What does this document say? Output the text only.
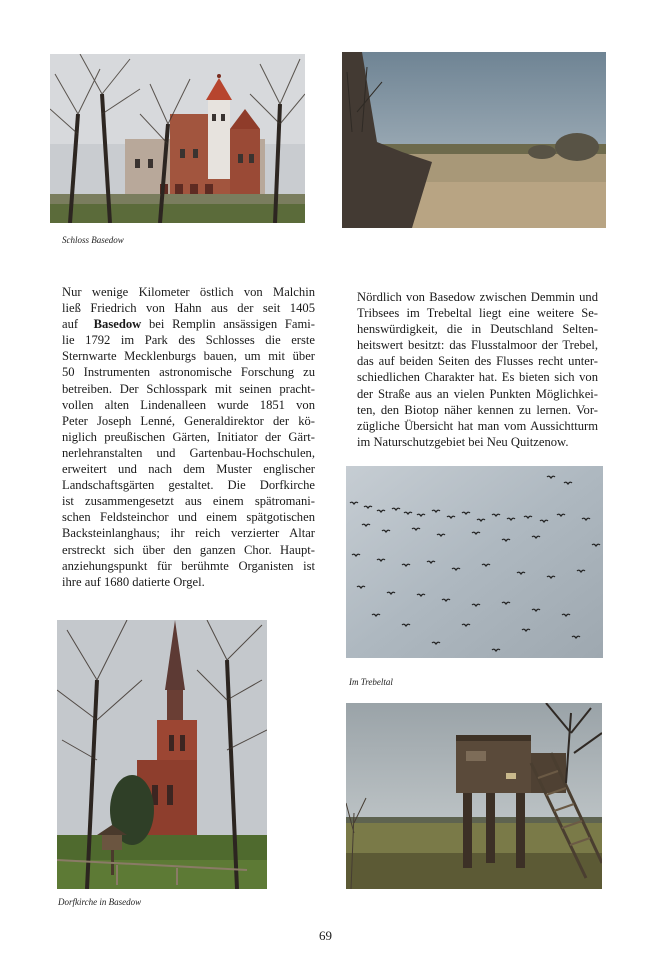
Schloss Basedow
Nur wenige Kilometer östlich von Malchin
ließ Friedrich von Hahn aus der seit 1405
auf Basedow bei Remplin ansässigen Fami-
lie 1792 im Park des Schlosses die erste
Sternwarte Mecklenburgs bauen, um mit über
50 Instrumenten astronomische Forschung zu
betreiben. Der Schlosspark mit seinen pracht-
vollen alten Lindenalleen wurde 1851 von
Peter Joseph Lenné, Generaldirektor der kö-
niglich preußischen Gärten, Initiator der Gärt-
nerlehranstalten und Gartenbau-Hochschulen,
erweitert und nach dem Muster englischer
Landschaftsgärten gestaltet. Die Dorfkirche
ist zusammengesetzt aus einem spätromani-
schen Feldsteinchor und einem spätgotischen
Backsteinlanghaus; ihr reich verzierter Altar
erstreckt sich über den ganzen Chor. Haupt-
anziehungspunkt für berühmte Organisten ist
ihre auf 1680 datierte Orgel.
Nördlich von Basedow zwischen Demmin und
Tribsees im Trebeltal liegt eine weitere Se-
henswürdigkeit, die in Deutschland Selten-
heitswert besitzt: das Flusstalmoor der Trebel,
das auf beiden Seiten des Flusses recht unter-
schiedlichen Charakter hat. Es bieten sich von
der Straße aus an vielen Punkten Möglichkei-
ten, den Biotop näher kennen zu lernen. Vor-
zügliche Übersicht hat man vom Aussichtturm
im Naturschutzgebiet bei Neu Quitzenow.
Im Trebeltal
Dorfkirche in Basedow
69
